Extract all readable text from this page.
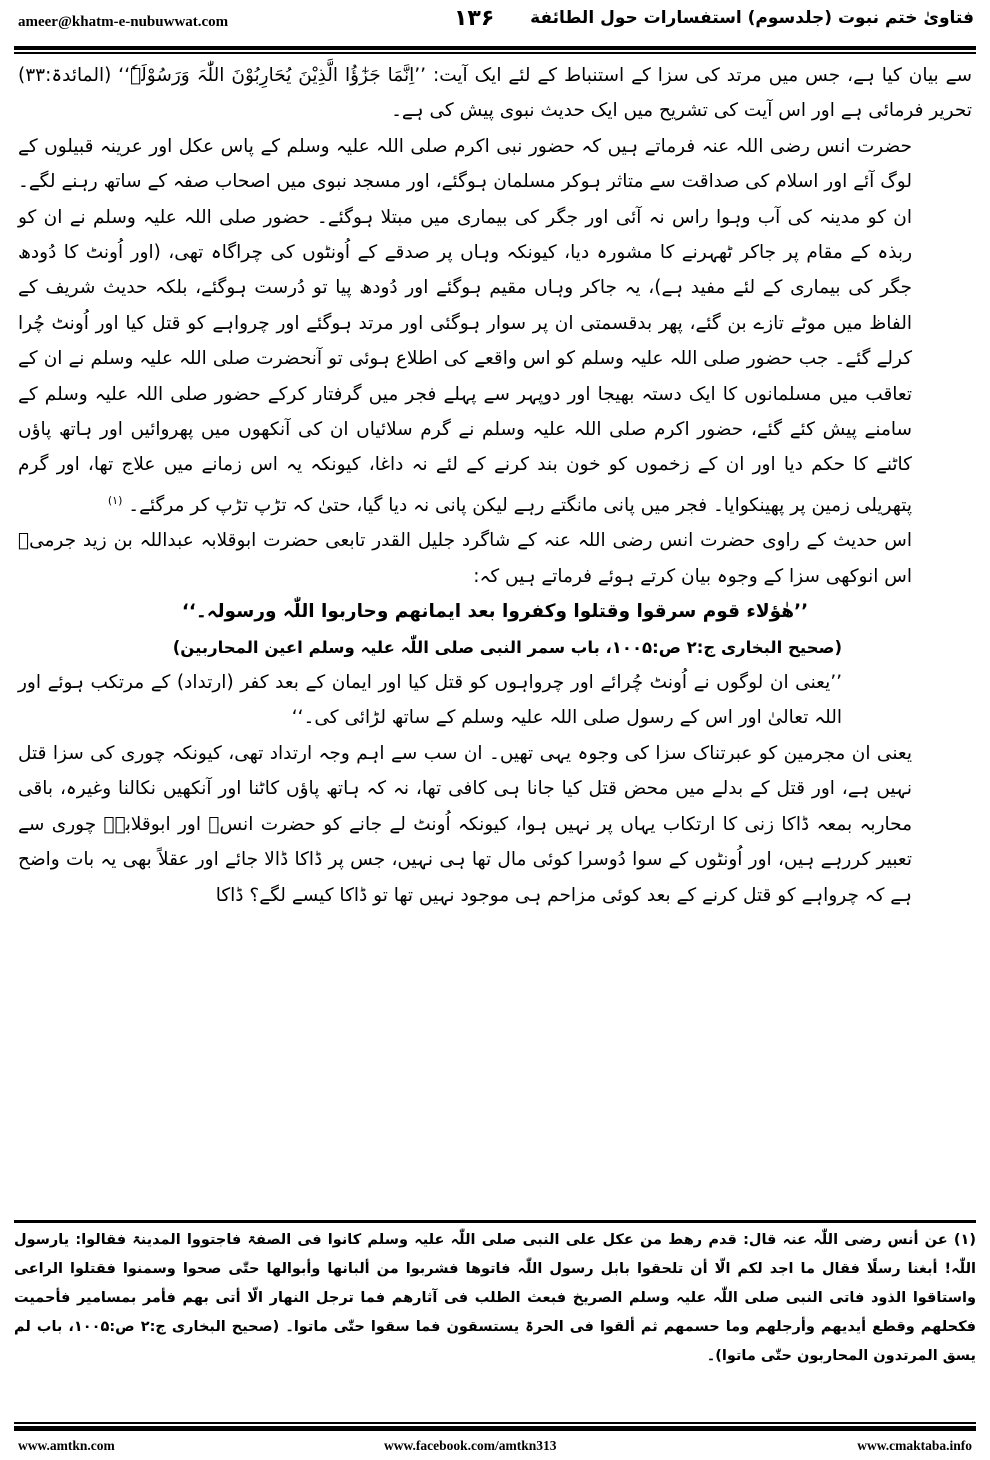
ameer@khatm-e-nubuwwat.com	۱۳۶ فتاویٰ ختم نبوت (جلدسوم) استفسارات حول الطائفة

سے بیان کیا ہے، جس میں مرتد کی سزا کے استنباط کے لئے ایک آیت: ’’اِنَّمَا جَزٰٓؤُا الَّذِیْنَ یُحَارِبُوْنَ اللّٰہَ وَرَسُوْلَہٗ‘‘ (المائدۃ:۳۳) تحریر فرمائی ہے اور اس آیت کی تشریح میں ایک حدیث نبوی پیش کی ہے۔

حضرت انس رضی اللہ عنہ فرماتے ہیں کہ حضور نبی اکرم صلی اللہ علیہ وسلم کے پاس عکل اور عرینہ قبیلوں کے لوگ آئے اور اسلام کی صداقت سے متاثر ہوکر مسلمان ہوگئے، اور مسجد نبوی میں اصحاب صفہ کے ساتھ رہنے لگے۔ ان کو مدینہ کی آب وہوا راس نہ آئی اور جگر کی بیماری میں مبتلا ہوگئے۔ حضور صلی اللہ علیہ وسلم نے ان کو ربذہ کے مقام پر جاکر ٹھہرنے کا مشورہ دیا، کیونکہ وہاں پر صدقے کے اُونٹوں کی چراگاہ تھی، (اور اُونٹ کا دُودھ جگر کی بیماری کے لئے مفید ہے)، یہ جاکر وہاں مقیم ہوگئے اور دُودھ پیا تو دُرست ہوگئے، بلکہ حدیث شریف کے الفاظ میں موٹے تازے بن گئے، پھر بدقسمتی ان پر سوار ہوگئی اور مرتد ہوگئے اور چرواہے کو قتل کیا اور اُونٹ چُرا کرلے گئے۔ جب حضور صلی اللہ علیہ وسلم کو اس واقعے کی اطلاع ہوئی تو آنحضرت صلی اللہ علیہ وسلم نے ان کے تعاقب میں مسلمانوں کا ایک دستہ بھیجا اور دوپہر سے پہلے فجر میں گرفتار کرکے حضور صلی اللہ علیہ وسلم کے سامنے پیش کئے گئے، حضور اکرم صلی اللہ علیہ وسلم نے گرم سلائیاں ان کی آنکھوں میں پھروائیں اور ہاتھ پاؤں کاٹنے کا حکم دیا اور ان کے زخموں کو خون بند کرنے کے لئے نہ داغا، کیونکہ یہ اس زمانے میں علاج تھا، اور گرم پتھریلی زمین پر پھینکوایا۔ فجر میں پانی مانگتے رہے لیکن پانی نہ دیا گیا، حتیٰ کہ تڑپ تڑپ کر مرگئے۔ $^{(۱)}$

اس حدیث کے راوی حضرت انس رضی اللہ عنہ کے شاگرد جلیل القدر تابعی حضرت ابوقلابہ عبداللہ بن زید جرمیؒ اس انوکھی سزا کے وجوہ بیان کرتے ہوئے فرماتے ہیں کہ:

’’ھٰؤلاء قوم سرقوا وقتلوا وکفروا بعد ایمانھم وحاربوا اللّٰہ ورسولہ۔‘‘

(صحیح البخاری ج:۲ ص:۱۰۰۵، باب سمر النبی صلی اللّٰہ علیہ وسلم اعین المحاربین)

’’یعنی ان لوگوں نے اُونٹ چُرائے اور چرواہوں کو قتل کیا اور ایمان کے بعد کفر (ارتداد) کے مرتکب ہوئے اور اللہ تعالیٰ اور اس کے رسول صلی اللہ علیہ وسلم کے ساتھ لڑائی کی۔‘‘

یعنی ان مجرمین کو عبرتناک سزا کی وجوہ یہی تھیں۔ ان سب سے اہم وجہ ارتداد تھی، کیونکہ چوری کی سزا قتل نہیں ہے، اور قتل کے بدلے میں محض قتل کیا جانا ہی کافی تھا، نہ کہ ہاتھ پاؤں کاٹنا اور آنکھیں نکالنا وغیرہ، باقی محاربہ بمعہ ڈاکا زنی کا ارتکاب یہاں پر نہیں ہوا، کیونکہ اُونٹ لے جانے کو حضرت انسؓ اور ابوقلابہؒ چوری سے تعبیر کررہے ہیں، اور اُونٹوں کے سوا دُوسرا کوئی مال تھا ہی نہیں، جس پر ڈاکا ڈالا جائے اور عقلاً بھی یہ بات واضح ہے کہ چرواہے کو قتل کرنے کے بعد کوئی مزاحم ہی موجود نہیں تھا تو ڈاکا کیسے لگے؟ ڈاکا

(۱) عن أنس رضی اللّٰہ عنہ قال: قدم رھط من عکل علی النبی صلی اللّٰہ علیہ وسلم کانوا فی الصفۃ فاجتووا المدینۃ فقالوا: یارسول اللّٰہ! أبغنا رسلًا فقال ما اجد لکم الّا أن تلحقوا بابل رسول اللّٰہ فاتوھا فشربوا من ألبانھا وأبوالھا حتّٰی صحوا وسمنوا فقتلوا الراعی واستاقوا الذود فاتی النبی صلی اللّٰہ علیہ وسلم الصریخ فبعث الطلب فی آثارھم فما ترجل النھار الّا أتی بھم فأمر بمسامیر فأحمیت فکحلھم وقطع أیدیھم وأرجلھم وما حسمھم ثم ألقوا فی الحرۃ یستسقون فما سقوا حتّٰی ماتوا۔ (صحیح البخاری ج:۲ ص:۱۰۰۵، باب لم یسق المرتدون المحاربون حتّٰی ماتوا)۔

www.amtkn.com	www.facebook.com/amtkn313	www.cmaktaba.info
